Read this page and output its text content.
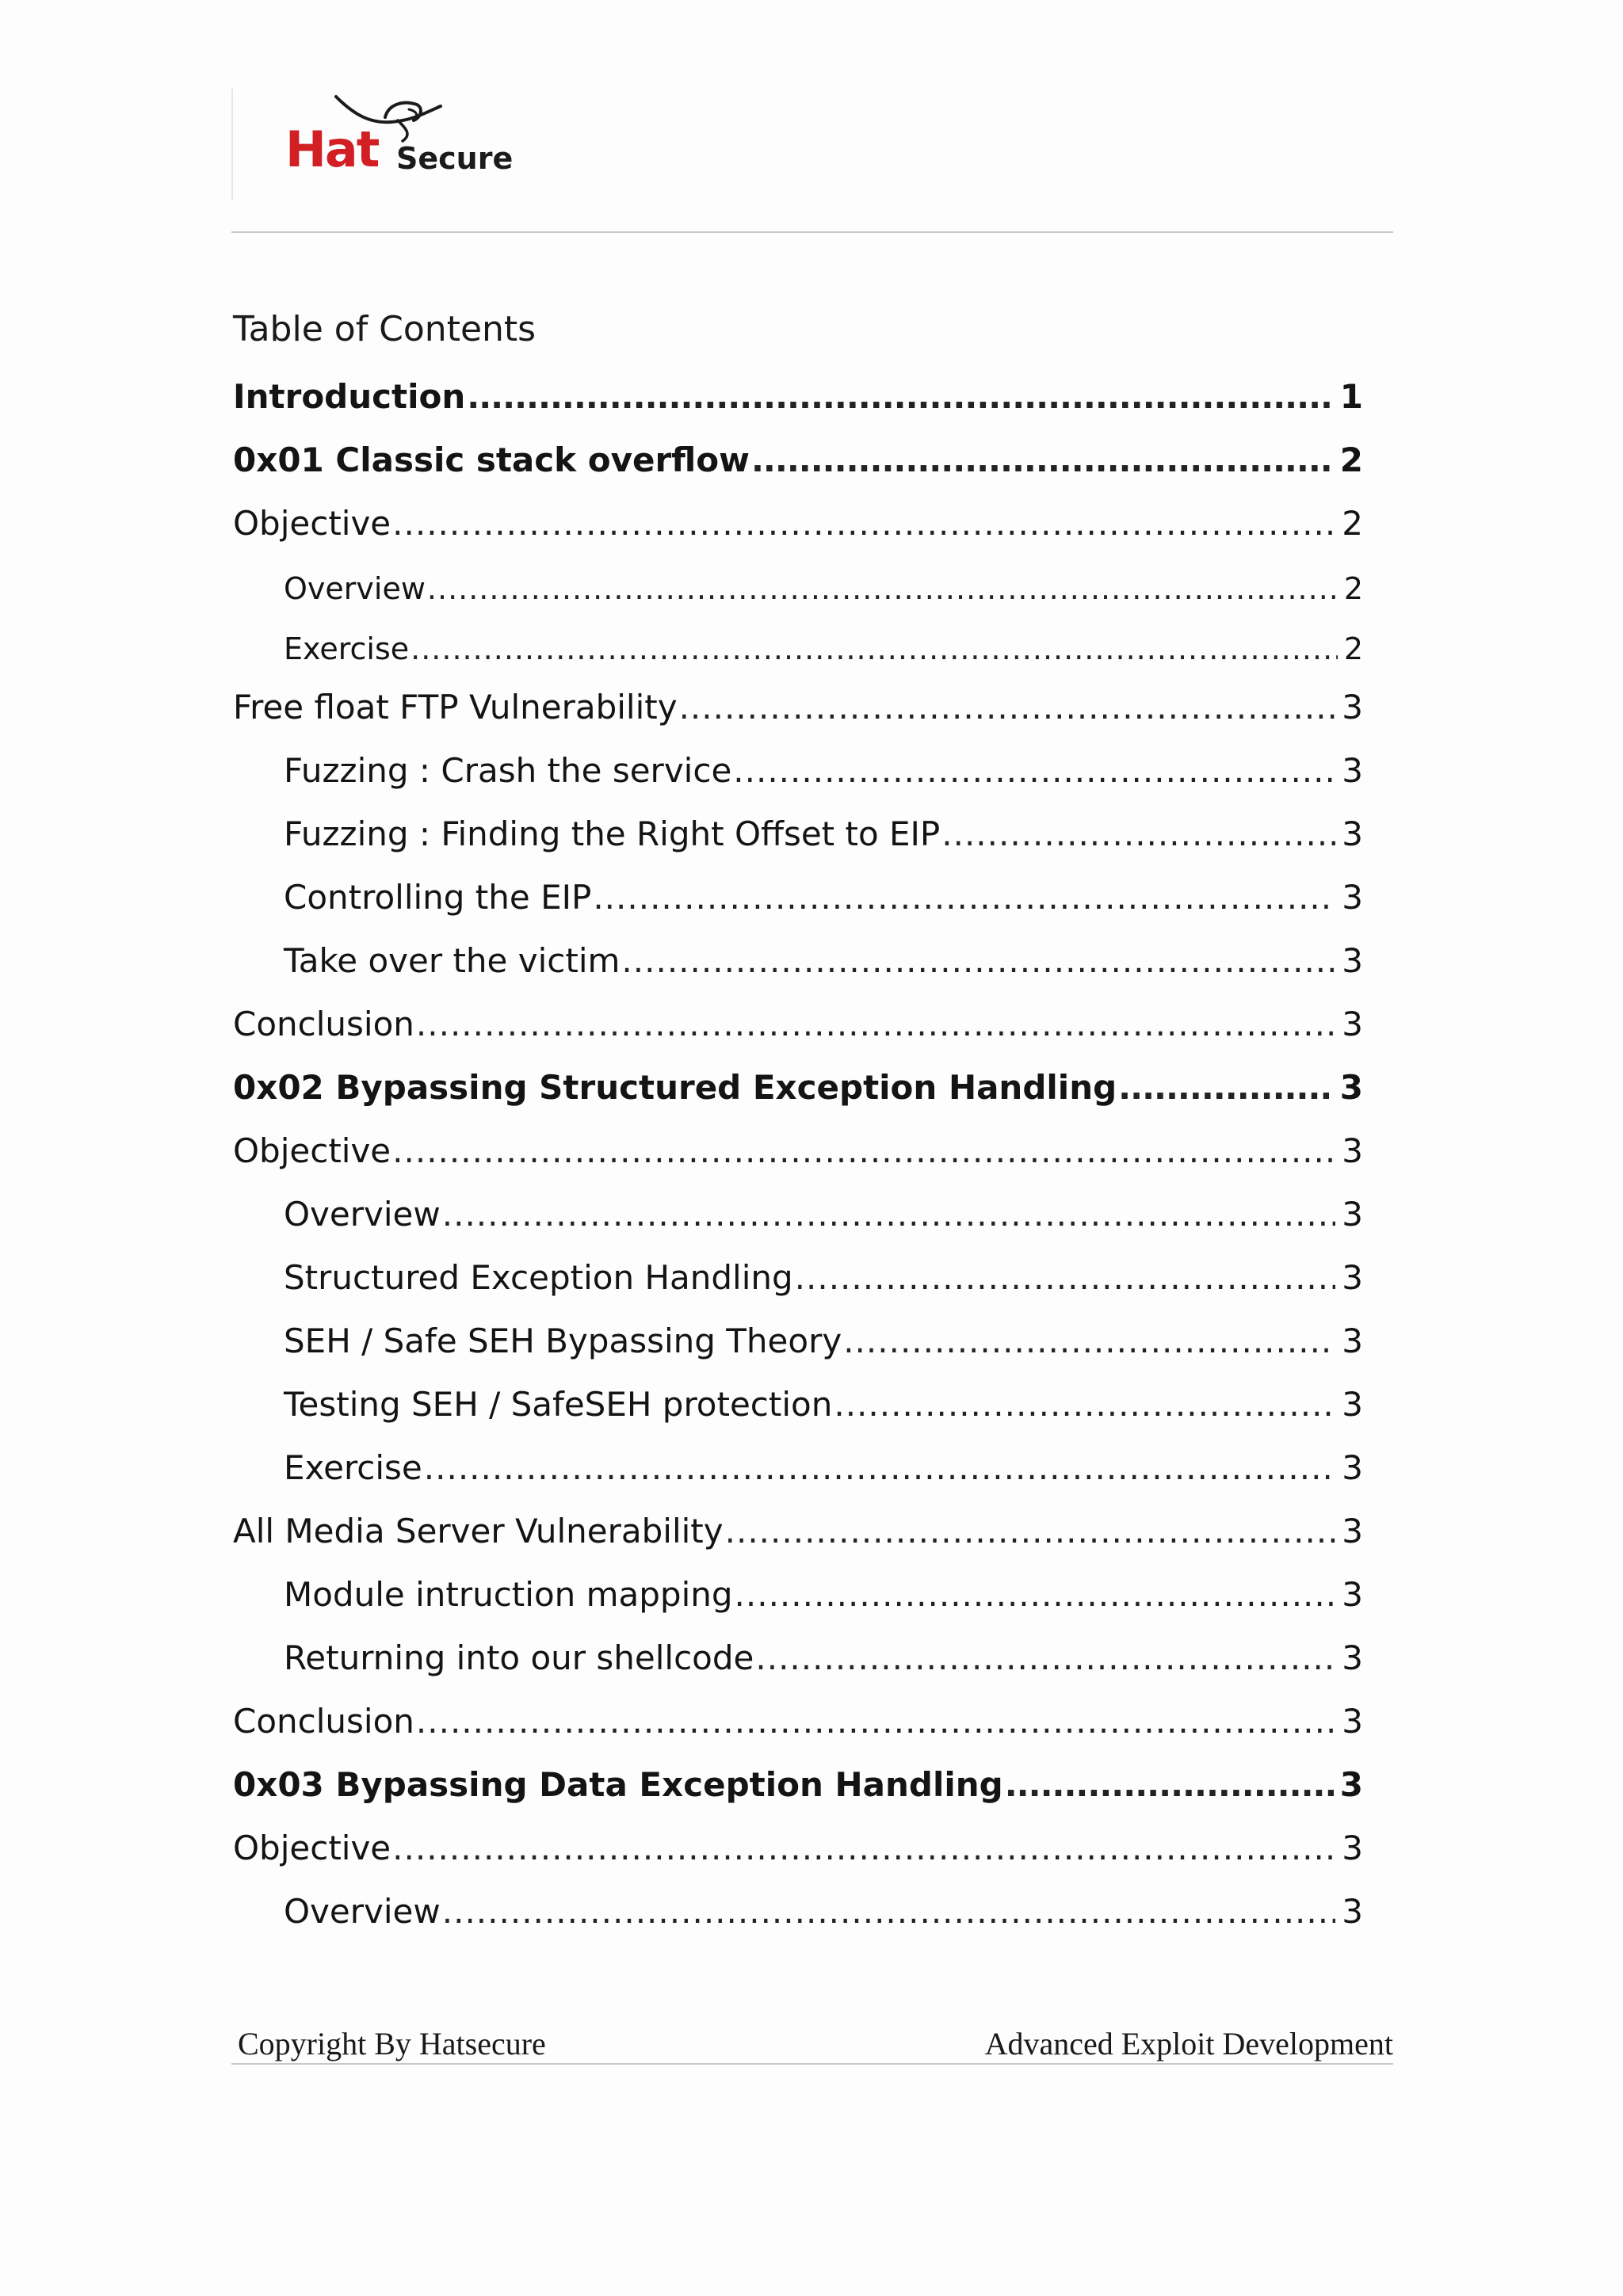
Hat Secure
Table of Contents
Introduction .....	1
0x01 Classic stack overflow .....	2
Objective .....	2
Overview .....	2
Exercise .....	2
Free float FTP Vulnerability .....	3
Fuzzing : Crash the service .....	3
Fuzzing : Finding the Right Offset to EIP .....	3
Controlling the EIP .....	3
Take over the victim .....	3
Conclusion .....	3
0x02 Bypassing Structured Exception Handling .....	3
Objective .....	3
Overview .....	3
Structured Exception Handling .....	3
SEH / Safe SEH Bypassing Theory .....	3
Testing SEH / SafeSEH protection .....	3
Exercise .....	3
All Media Server Vulnerability .....	3
Module intruction mapping .....	3
Returning into our shellcode .....	3
Conclusion .....	3
0x03 Bypassing Data Exception Handling .....	3
Objective .....	3
Overview .....	3
Copyright By Hatsecure	Advanced Exploit Development
